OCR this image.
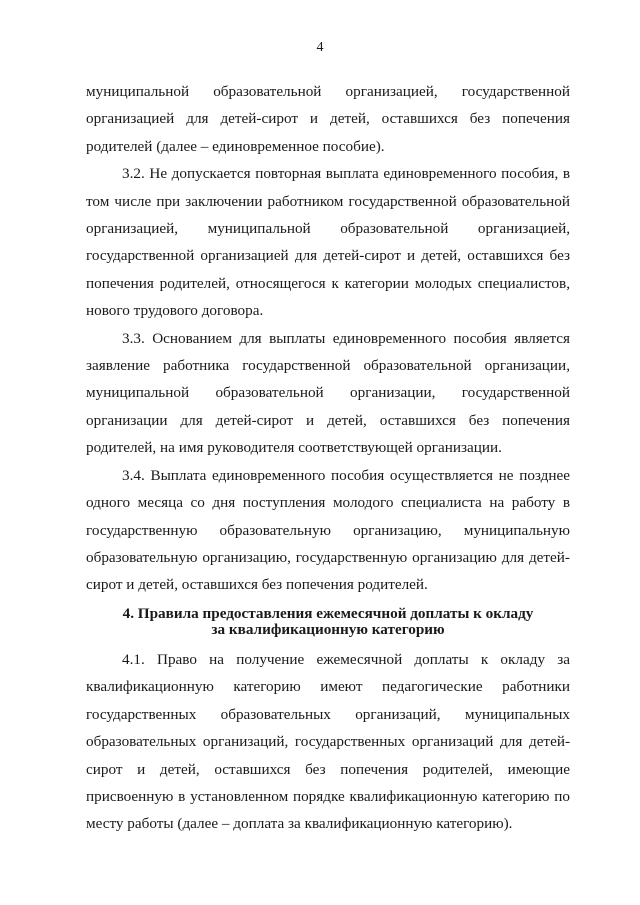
4

муниципальной образовательной организацией, государственной организацией для детей-сирот и детей, оставшихся без попечения родителей (далее – единовременное пособие).

3.2. Не допускается повторная выплата единовременного пособия, в том числе при заключении работником государственной образовательной организацией, муниципальной образовательной организацией, государственной организацией для детей-сирот и детей, оставшихся без попечения родителей, относящегося к категории молодых специалистов, нового трудового договора.

3.3. Основанием для выплаты единовременного пособия является заявление работника государственной образовательной организации, муниципальной образовательной организации, государственной организации для детей-сирот и детей, оставшихся без попечения родителей, на имя руководителя соответствующей организации.

3.4. Выплата единовременного пособия осуществляется не позднее одного месяца со дня поступления молодого специалиста на работу в государственную образовательную организацию, муниципальную образовательную организацию, государственную организацию для детей-сирот и детей, оставшихся без попечения родителей.

4. Правила предоставления ежемесячной доплаты к окладу
за квалификационную категорию

4.1. Право на получение ежемесячной доплаты к окладу за квалификационную категорию имеют педагогические работники государственных образовательных организаций, муниципальных образовательных организаций, государственных организаций для детей-сирот и детей, оставшихся без попечения родителей, имеющие присвоенную в установленном порядке квалификационную категорию по месту работы (далее – доплата за квалификационную категорию).
